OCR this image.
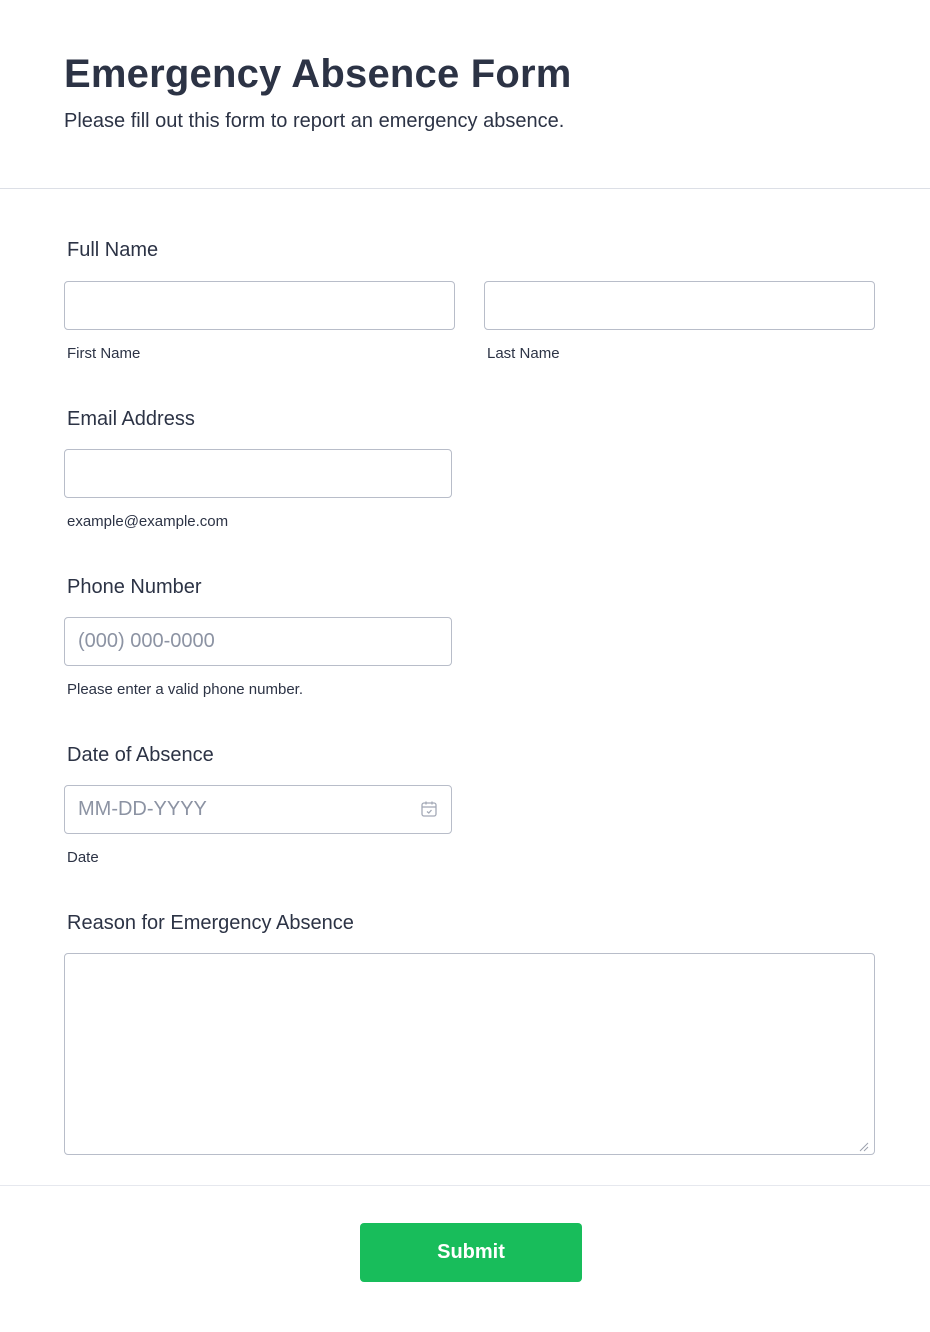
Emergency Absence Form
Please fill out this form to report an emergency absence.
Full Name
First Name	Last Name
Email Address
example@example.com
Phone Number
(000) 000-0000
Please enter a valid phone number.
Date of Absence
MM-DD-YYYY
Date
Reason for Emergency Absence
Submit
